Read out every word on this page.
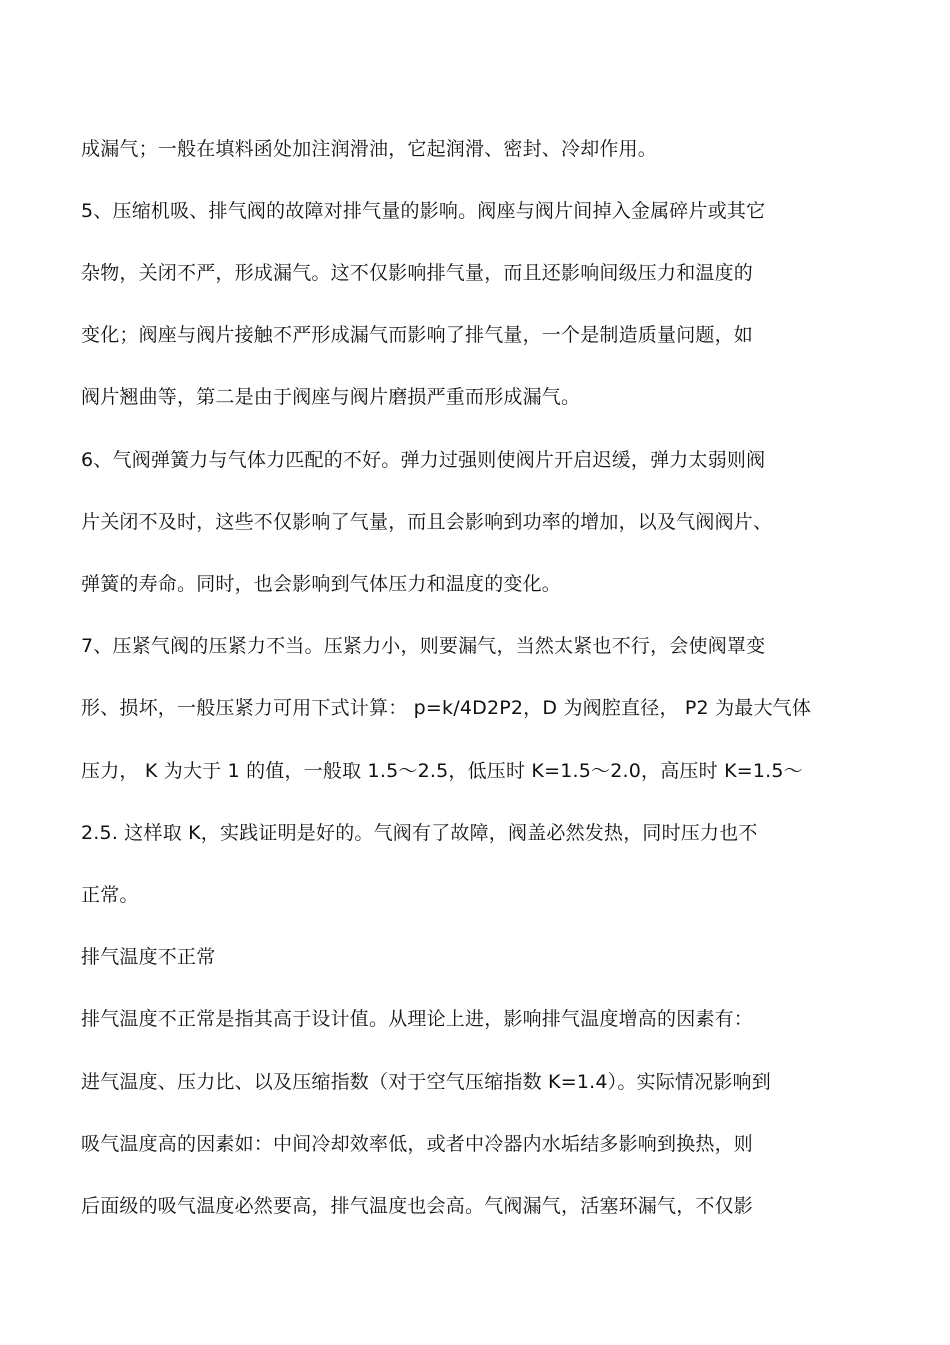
成漏气；一般在填料函处加注润滑油，它起润滑、密封、冷却作用。
5、压缩机吸、排气阀的故障对排气量的影响。阀座与阀片间掉入金属碎片或其它
杂物，关闭不严，形成漏气。这不仅影响排气量，而且还影响间级压力和温度的
变化；阀座与阀片接触不严形成漏气而影响了排气量，一个是制造质量问题，如
阀片翘曲等，第二是由于阀座与阀片磨损严重而形成漏气。
6、气阀弹簧力与气体力匹配的不好。弹力过强则使阀片开启迟缓，弹力太弱则阀
片关闭不及时，这些不仅影响了气量，而且会影响到功率的增加，以及气阀阀片、
弹簧的寿命。同时，也会影响到气体压力和温度的变化。
7、压紧气阀的压紧力不当。压紧力小，则要漏气，当然太紧也不行，会使阀罩变
形、损坏，一般压紧力可用下式计算： p=k/4D2P2，D 为阀腔直径， P2 为最大气体
压力， K 为大于 1 的值，一般取 1.5～2.5，低压时 K=1.5～2.0，高压时 K=1.5～
2.5. 这样取 K，实践证明是好的。气阀有了故障，阀盖必然发热，同时压力也不
正常。
排气温度不正常
排气温度不正常是指其高于设计值。从理论上进，影响排气温度增高的因素有：
进气温度、压力比、以及压缩指数（对于空气压缩指数 K=1.4）。实际情况影响到
吸气温度高的因素如：中间冷却效率低，或者中冷器内水垢结多影响到换热，则
后面级的吸气温度必然要高，排气温度也会高。气阀漏气，活塞环漏气，不仅影
